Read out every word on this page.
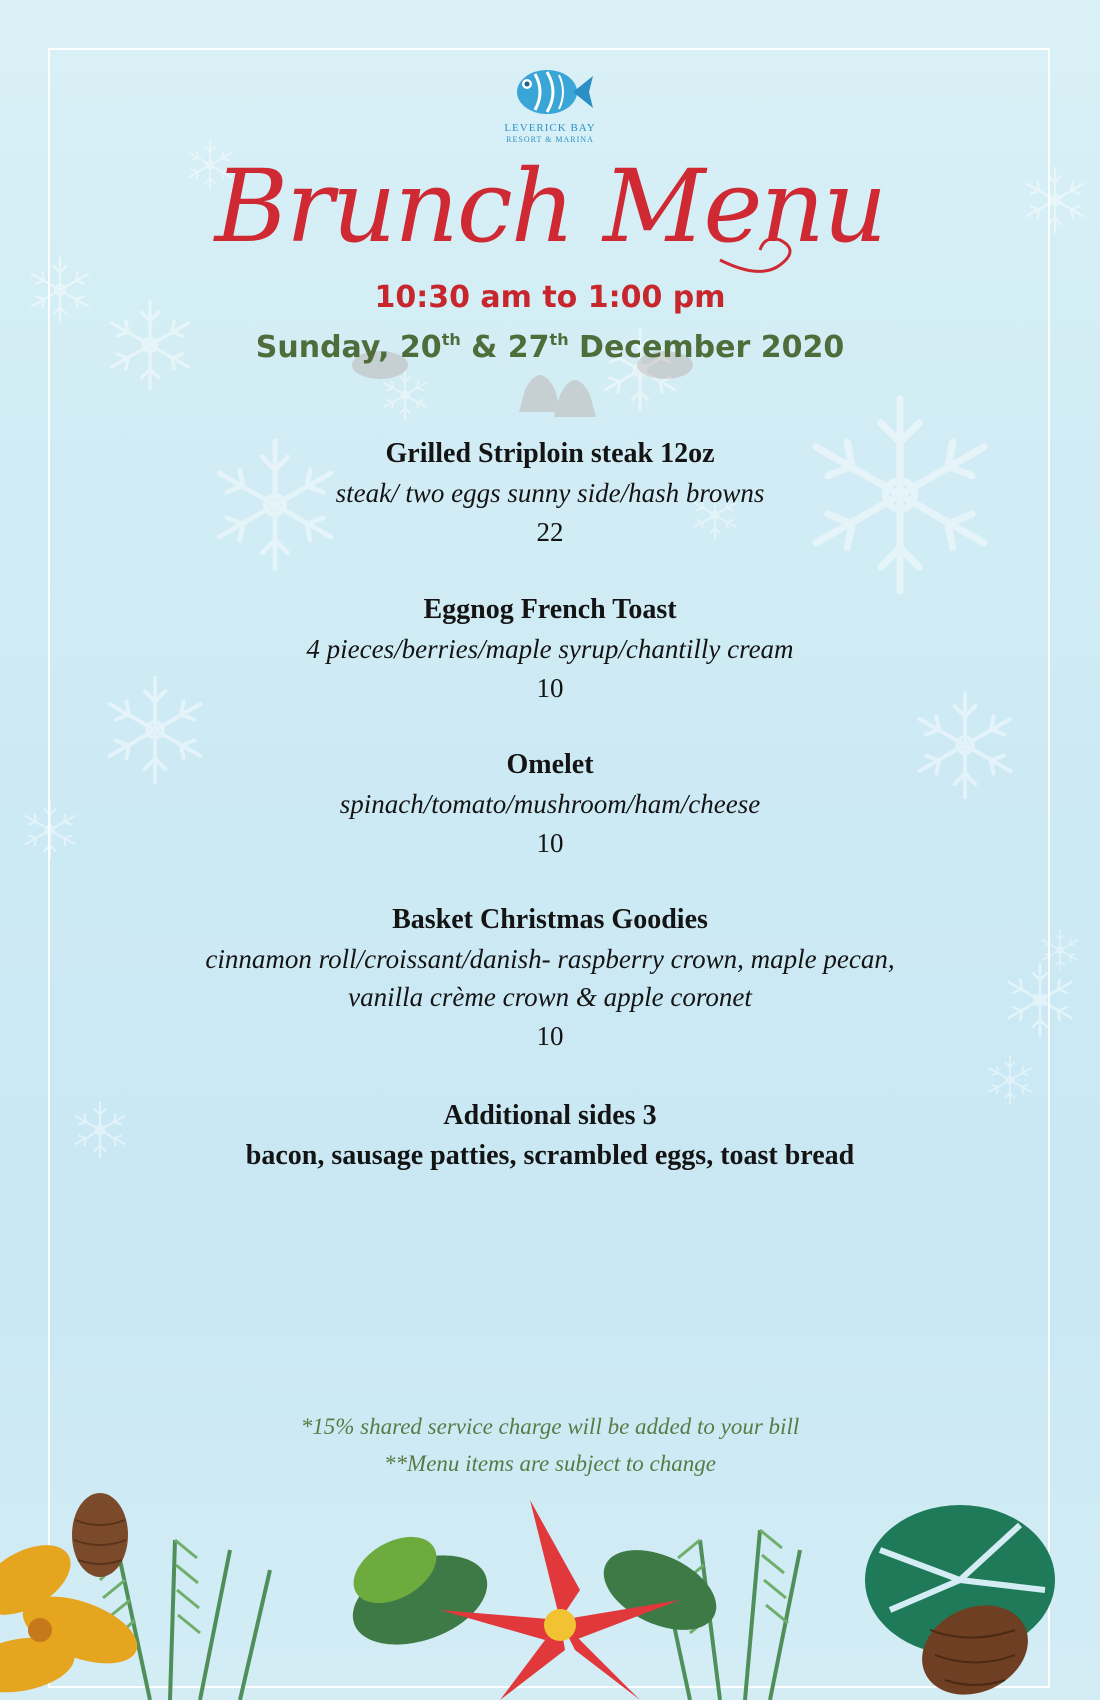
LEVERICK BAY
RESORT & MARINA
Brunch Menu
10:30 am to 1:00 pm
Sunday, 20th & 27th December 2020
Grilled Striploin steak 12oz
steak/ two eggs sunny side/hash browns
22
Eggnog French Toast
4 pieces/berries/maple syrup/chantilly cream
10
Omelet
spinach/tomato/mushroom/ham/cheese
10
Basket Christmas Goodies
cinnamon roll/croissant/danish- raspberry crown, maple pecan,
vanilla crème crown & apple coronet
10
Additional sides 3
bacon, sausage patties, scrambled eggs, toast bread
*15% shared service charge will be added to your bill
**Menu items are subject to change
